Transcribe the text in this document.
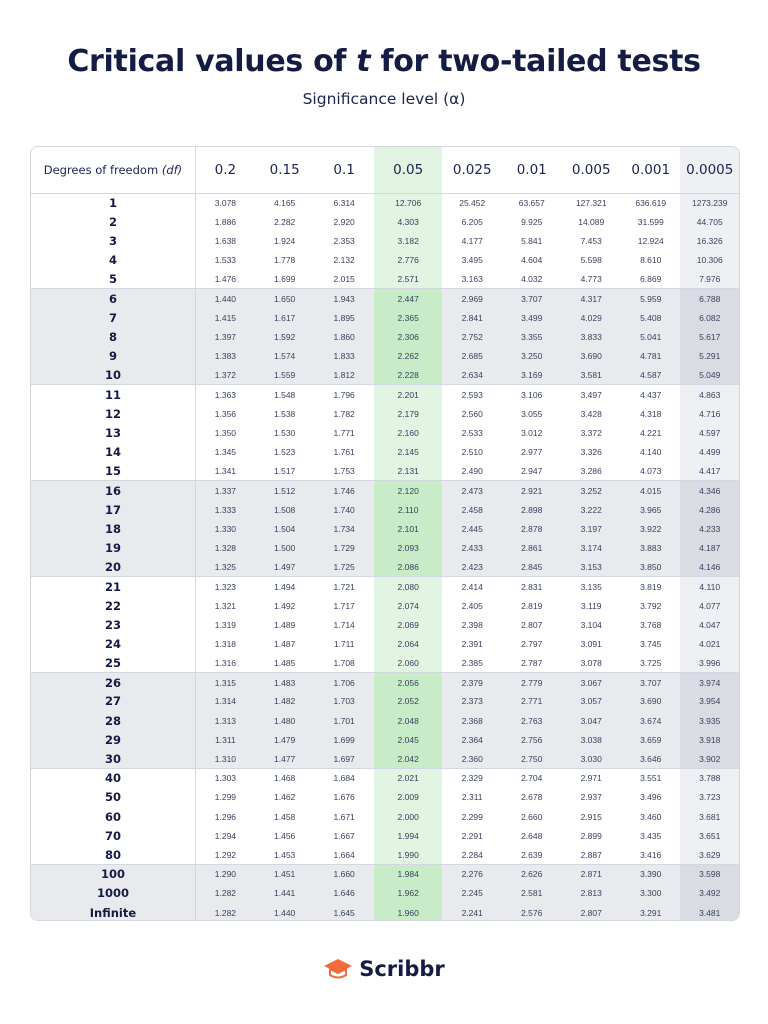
Critical values of t for two-tailed tests
Significance level (α)
Degrees of freedom (df)	0.2	0.15	0.1	0.05	0.025	0.01	0.005	0.001	0.0005
1	3.078	4.165	6.314	12.706	25.452	63.657	127.321	636.619	1273.239
2	1.886	2.282	2.920	4.303	6.205	9.925	14.089	31.599	44.705
3	1.638	1.924	2.353	3.182	4.177	5.841	7.453	12.924	16.326
4	1.533	1.778	2.132	2.776	3.495	4.604	5.598	8.610	10.306
5	1.476	1.699	2.015	2.571	3.163	4.032	4.773	6.869	7.976
6	1.440	1.650	1.943	2.447	2.969	3.707	4.317	5.959	6.788
7	1.415	1.617	1.895	2.365	2.841	3.499	4.029	5.408	6.082
8	1.397	1.592	1.860	2.306	2.752	3.355	3.833	5.041	5.617
9	1.383	1.574	1.833	2.262	2.685	3.250	3.690	4.781	5.291
10	1.372	1.559	1.812	2.228	2.634	3.169	3.581	4.587	5.049
11	1.363	1.548	1.796	2.201	2.593	3.106	3.497	4.437	4.863
12	1.356	1.538	1.782	2.179	2.560	3.055	3.428	4.318	4.716
13	1.350	1.530	1.771	2.160	2.533	3.012	3.372	4.221	4.597
14	1.345	1.523	1.761	2.145	2.510	2.977	3.326	4.140	4.499
15	1.341	1.517	1.753	2.131	2.490	2.947	3.286	4.073	4.417
16	1.337	1.512	1.746	2.120	2.473	2.921	3.252	4.015	4.346
17	1.333	1.508	1.740	2.110	2.458	2.898	3.222	3.965	4.286
18	1.330	1.504	1.734	2.101	2.445	2.878	3.197	3.922	4.233
19	1.328	1.500	1.729	2.093	2.433	2.861	3.174	3.883	4.187
20	1.325	1.497	1.725	2.086	2.423	2.845	3.153	3.850	4.146
21	1.323	1.494	1.721	2.080	2.414	2.831	3.135	3.819	4.110
22	1.321	1.492	1.717	2.074	2.405	2.819	3.119	3.792	4.077
23	1.319	1.489	1.714	2.069	2.398	2.807	3.104	3.768	4.047
24	1.318	1.487	1.711	2.064	2.391	2.797	3.091	3.745	4.021
25	1.316	1.485	1.708	2.060	2.385	2.787	3.078	3.725	3.996
26	1.315	1.483	1.706	2.056	2.379	2.779	3.067	3.707	3.974
27	1.314	1.482	1.703	2.052	2.373	2.771	3.057	3.690	3.954
28	1.313	1.480	1.701	2.048	2.368	2.763	3.047	3.674	3.935
29	1.311	1.479	1.699	2.045	2.364	2.756	3.038	3.659	3.918
30	1.310	1.477	1.697	2.042	2.360	2.750	3.030	3.646	3.902
40	1.303	1.468	1.684	2.021	2.329	2.704	2.971	3.551	3.788
50	1.299	1.462	1.676	2.009	2.311	2.678	2.937	3.496	3.723
60	1.296	1.458	1.671	2.000	2.299	2.660	2.915	3.460	3.681
70	1.294	1.456	1.667	1.994	2.291	2.648	2.899	3.435	3.651
80	1.292	1.453	1.664	1.990	2.284	2.639	2.887	3.416	3.629
100	1.290	1.451	1.660	1.984	2.276	2.626	2.871	3.390	3.598
1000	1.282	1.441	1.646	1.962	2.245	2.581	2.813	3.300	3.492
Infinite	1.282	1.440	1.645	1.960	2.241	2.576	2.807	3.291	3.481
Scribbr
